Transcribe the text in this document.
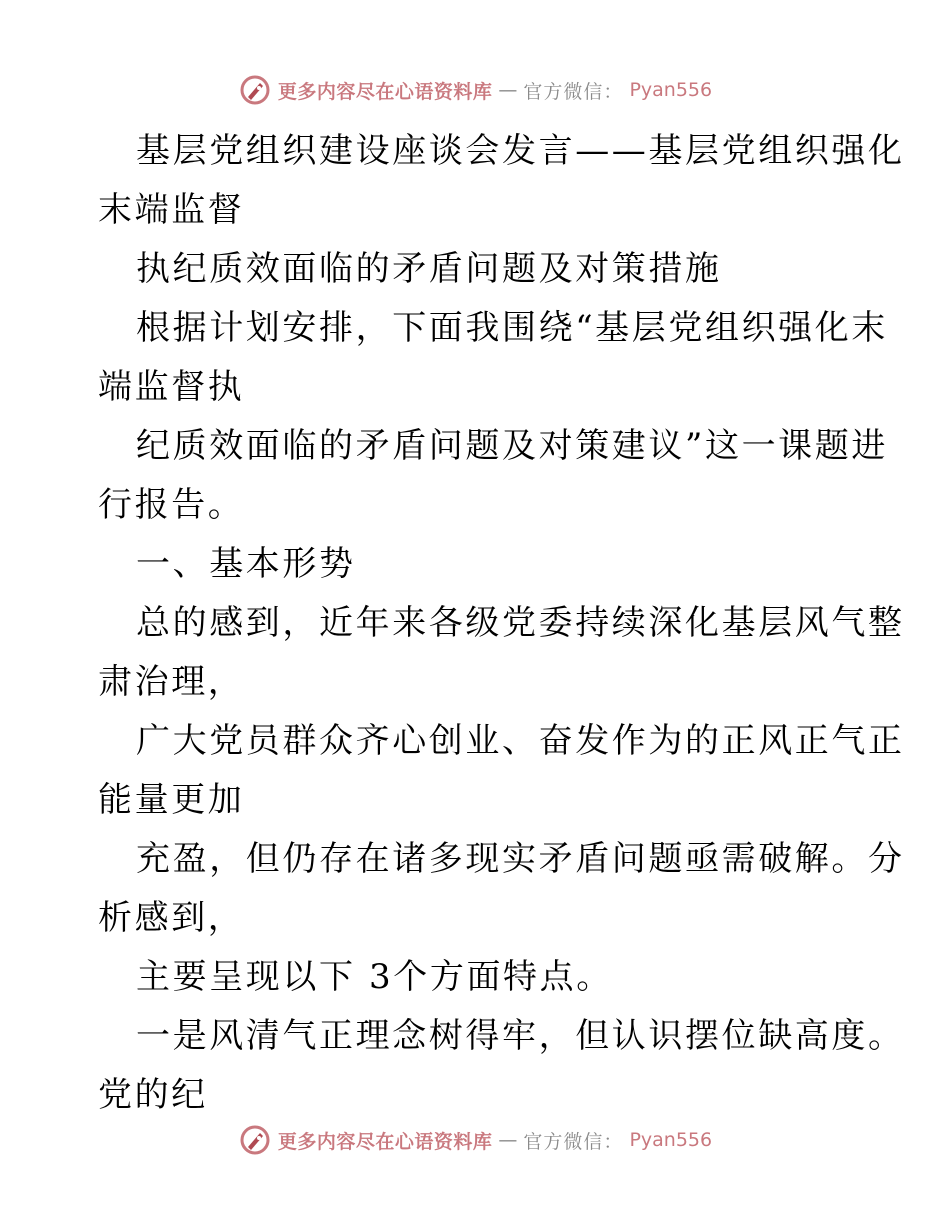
更多内容尽在心语资料库 — 官方微信： Pyan556

基层党组织建设座谈会发言——基层党组织强化

末端监督

执纪质效面临的矛盾问题及对策措施

根据计划安排，下面我围绕“基层党组织强化末

端监督执

纪质效面临的矛盾问题及对策建议”这一课题进

行报告。

一、基本形势

总的感到，近年来各级党委持续深化基层风气整

肃治理，

广大党员群众齐心创业、奋发作为的正风正气正

能量更加

充盈，但仍存在诸多现实矛盾问题亟需破解。分

析感到，

主要呈现以下 3个方面特点。

一是风清气正理念树得牢，但认识摆位缺高度。

党的纪

更多内容尽在心语资料库 — 官方微信： Pyan556
